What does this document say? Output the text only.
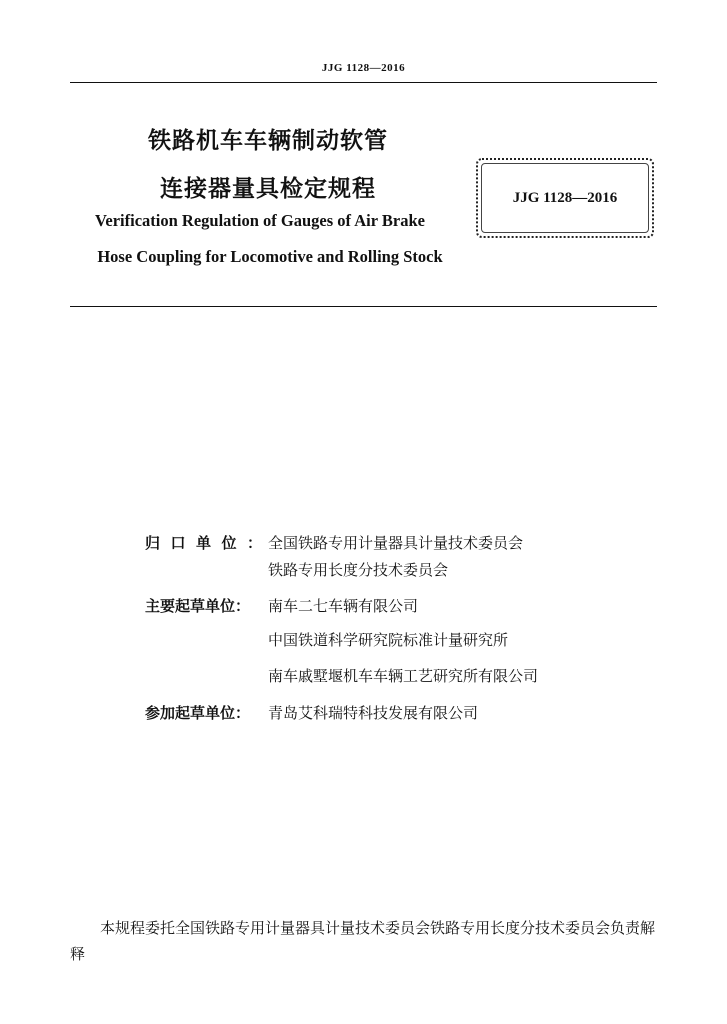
JJG 1128—2016
铁路机车车辆制动软管
连接器量具检定规程
Verification Regulation of Gauges of Air Brake
Hose Coupling for Locomotive and Rolling Stock
JJG 1128—2016
归口单位：
全国铁路专用计量器具计量技术委员会
铁路专用长度分技术委员会
主要起草单位：	南车二七车辆有限公司
中国铁道科学研究院标准计量研究所
南车戚墅堰机车车辆工艺研究所有限公司
参加起草单位：	青岛艾科瑞特科技发展有限公司
本规程委托全国铁路专用计量器具计量技术委员会铁路专用长度分技术委员会负责解释
